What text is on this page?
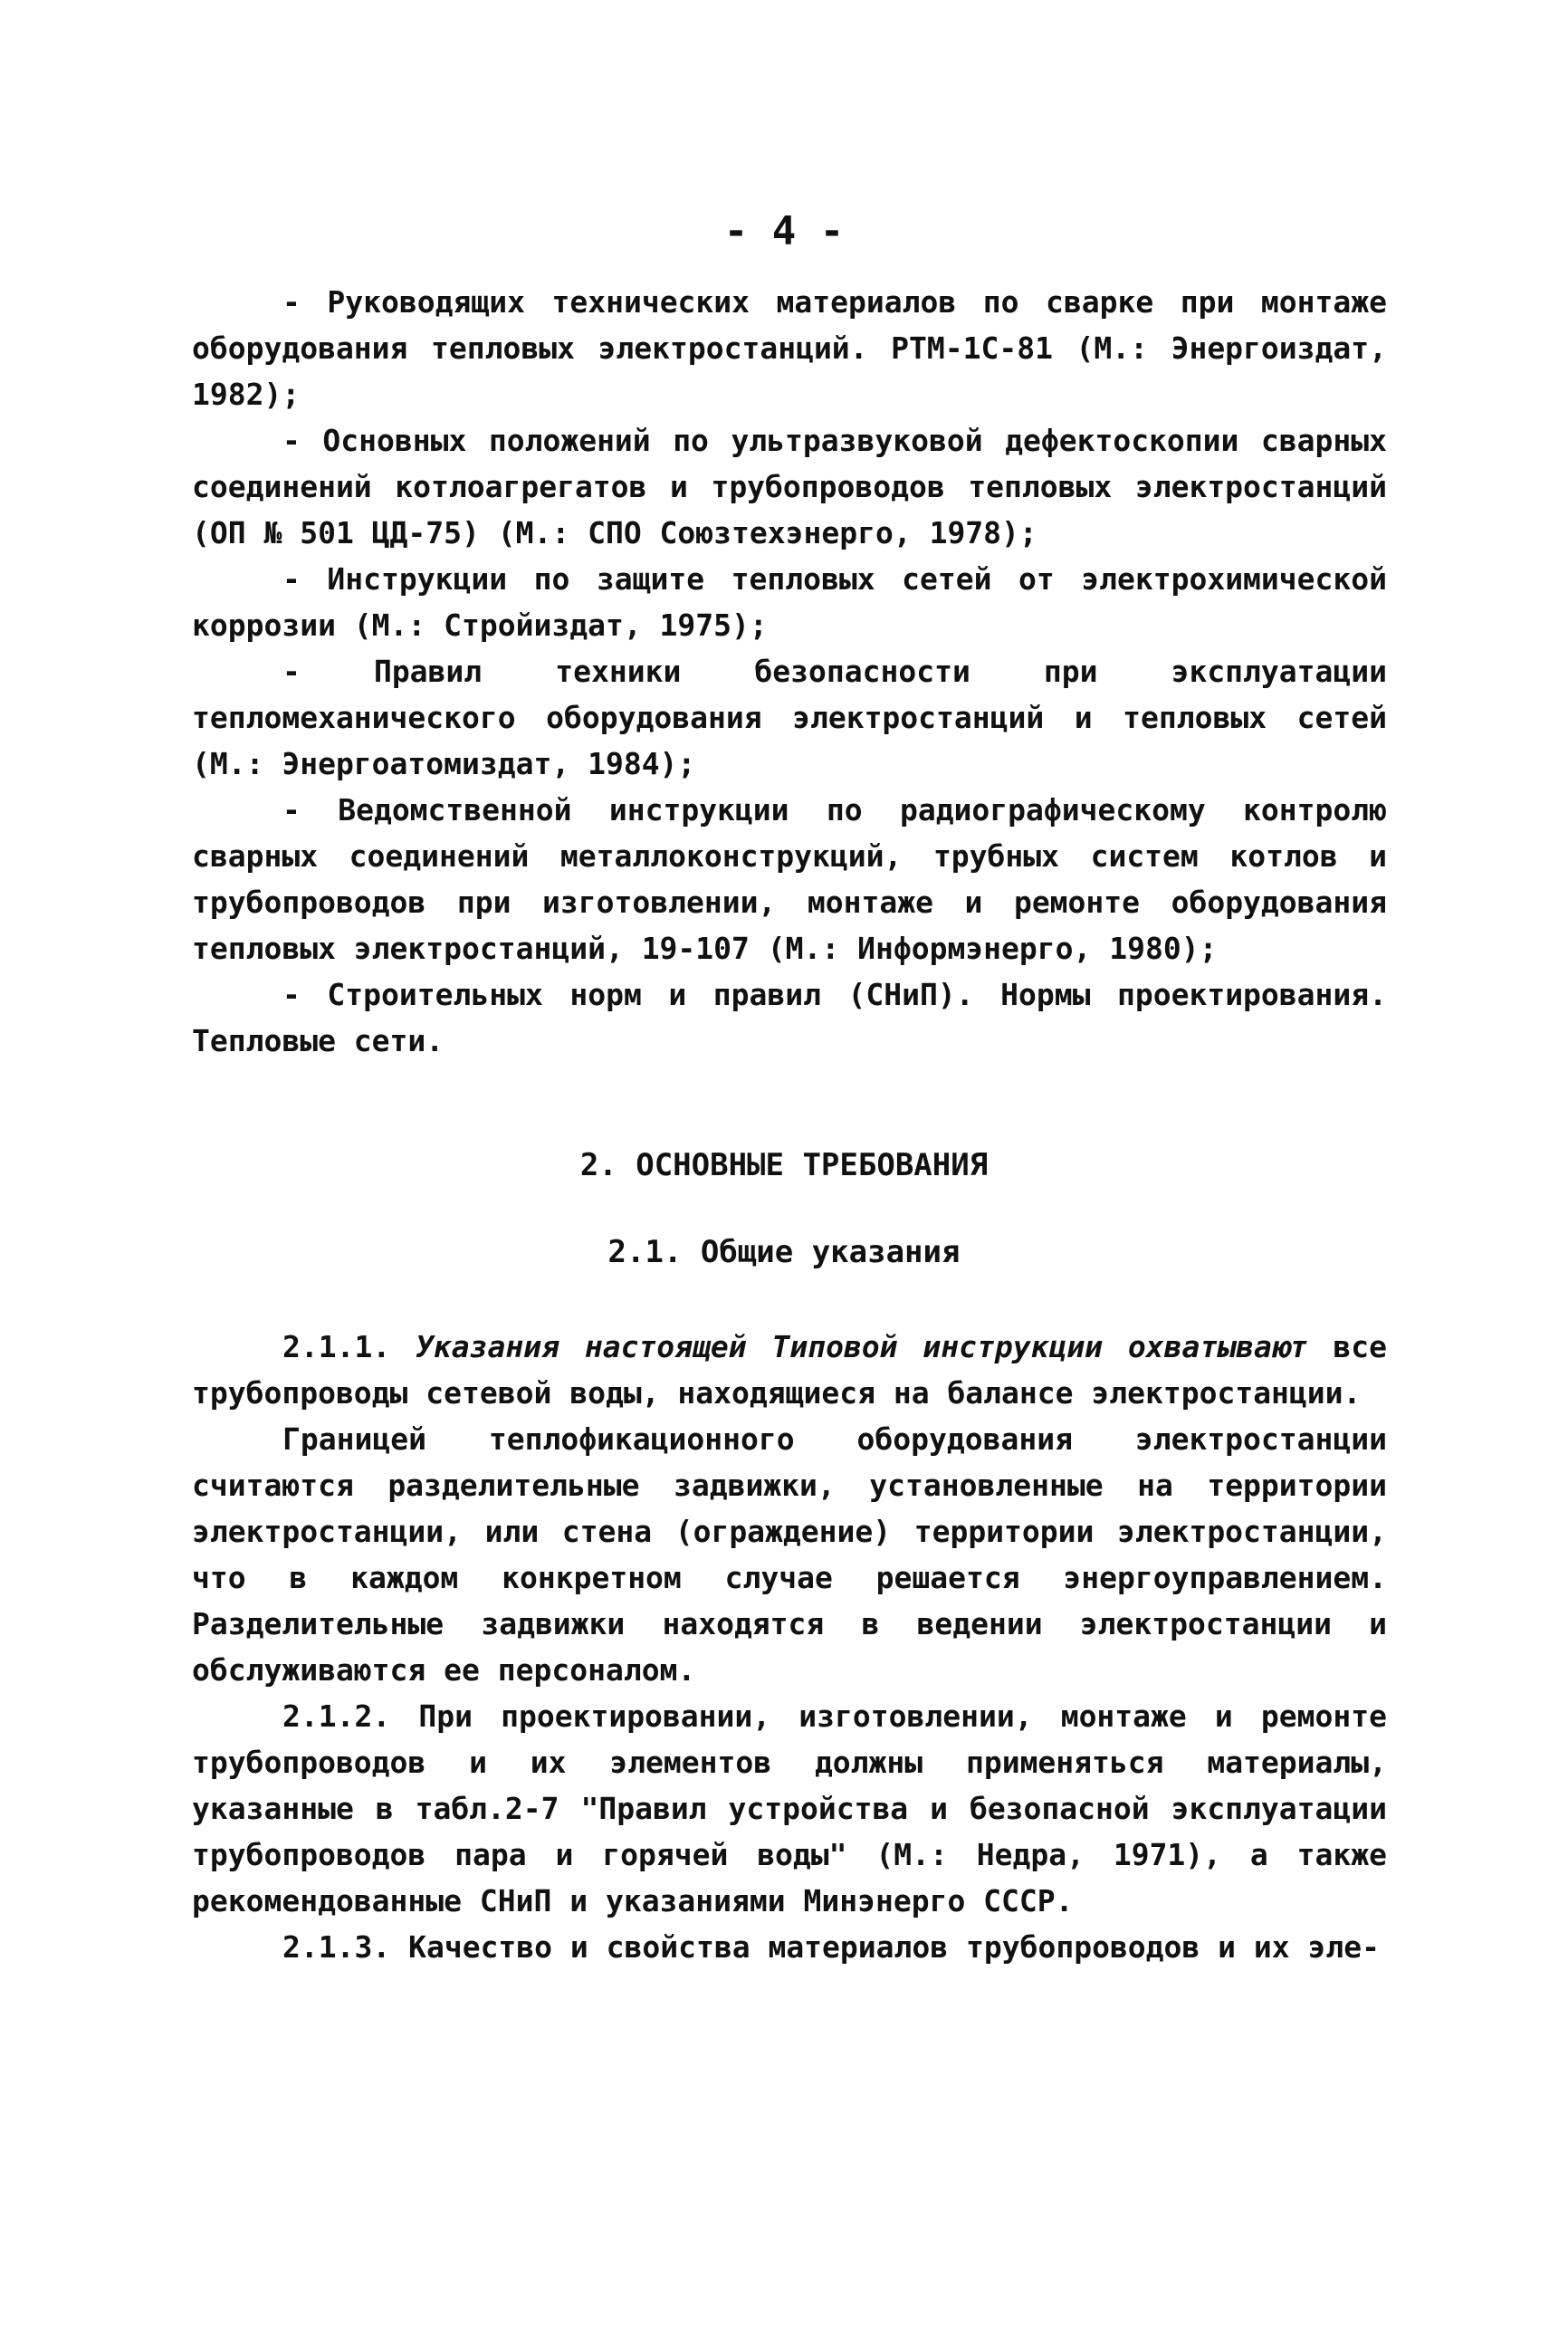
- 4 -

- Руководящих технических материалов по сварке при монтаже оборудования тепловых электростанций. РТМ-1С-81 (М.: Энергоиздат, 1982);

- Основных положений по ультразвуковой дефектоскопии сварных соединений котлоагрегатов и трубопроводов тепловых электростанций (ОП № 501 ЦД-75) (М.: СПО Союзтехэнерго, 1978);

- Инструкции по защите тепловых сетей от электрохимической коррозии (М.: Стройиздат, 1975);

- Правил техники безопасности при эксплуатации тепломеханического оборудования электростанций и тепловых сетей (М.: Энергоатомиздат, 1984);

- Ведомственной инструкции по радиографическому контролю сварных соединений металлоконструкций, трубных систем котлов и трубопроводов при изготовлении, монтаже и ремонте оборудования тепловых электростанций, 19-107 (М.: Информэнерго, 1980);

- Строительных норм и правил (СНиП). Нормы проектирования. Тепловые сети.

2. ОСНОВНЫЕ ТРЕБОВАНИЯ
2.1. Общие указания

2.1.1. Указания настоящей Типовой инструкции охватывают все трубопроводы сетевой воды, находящиеся на балансе электростанции.

Границей теплофикационного оборудования электростанции считаются разделительные задвижки, установленные на территории электростанции, или стена (ограждение) территории электростанции, что в каждом конкретном случае решается энергоуправлением. Разделительные задвижки находятся в ведении электростанции и обслуживаются ее персоналом.

2.1.2. При проектировании, изготовлении, монтаже и ремонте трубопроводов и их элементов должны применяться материалы, указанные в табл.2-7 "Правил устройства и безопасной эксплуатации трубопроводов пара и горячей воды" (М.: Недра, 1971), а также рекомендованные СНиП и указаниями Минэнерго СССР.

2.1.3. Качество и свойства материалов трубопроводов и их эле-
